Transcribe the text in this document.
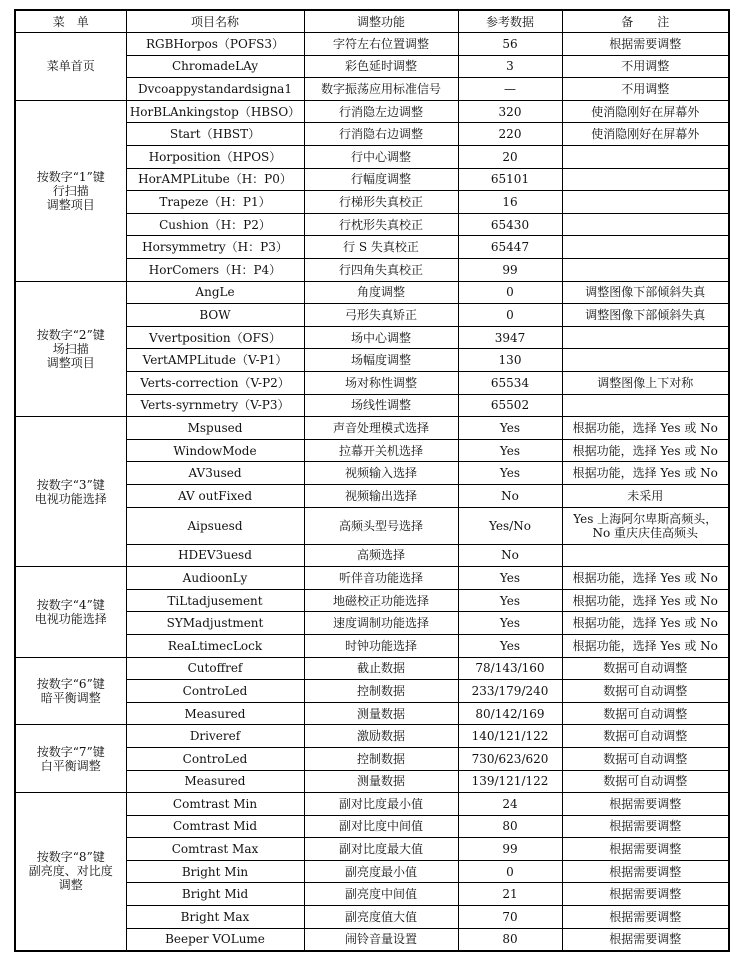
菜　单	项目名称	调整功能	参考数据	备　　注
菜单首页	RGBHorpos（POFS3）	字符左右位置调整	56	根据需要调整
	ChromadeLAy	彩色延时调整	3	不用调整
	Dvcoappystandardsigna1	数字振荡应用标准信号	—	不用调整
按数字“1”键
行扫描
调整项目	HorBLAnkingstop（HBSO）	行消隐左边调整	320	使消隐刚好在屏幕外
	Start（HBST）	行消隐右边调整	220	使消隐刚好在屏幕外
	Horposition（HPOS）	行中心调整	20	
	HorAMPLitube（H：P0）	行幅度调整	65101	
	Trapeze（H：P1）	行梯形失真校正	16	
	Cushion（H：P2）	行枕形失真校正	65430	
	Horsymmetry（H：P3）	行 S 失真校正	65447	
	HorComers（H：P4）	行四角失真校正	99	
按数字“2”键
场扫描
调整项目	AngLe	角度调整	0	调整图像下部倾斜失真
	BOW	弓形失真矫正	0	调整图像下部倾斜失真
	Vvertposition（OFS）	场中心调整	3947	
	VertAMPLitude（V-P1）	场幅度调整	130	
	Verts-correction（V-P2）	场对称性调整	65534	调整图像上下对称
	Verts-syrnmetry（V-P3）	场线性调整	65502	
按数字“3”键
电视功能选择	Mspused	声音处理模式选择	Yes	根据功能，选择 Yes 或 No
	WindowMode	拉幕开关机选择	Yes	根据功能，选择 Yes 或 No
	AV3used	视频输入选择	Yes	根据功能，选择 Yes 或 No
	AV outFixed	视频输出选择	No	未采用
	Aipsuesd	高频头型号选择	Yes/No	Yes 上海阿尔卑斯高频头，
No 重庆庆佳高频头
	HDEV3uesd	高频选择	No	
按数字“4”键
电视功能选择	AudioonLy	听伴音功能选择	Yes	根据功能，选择 Yes 或 No
	TiLtadjusement	地磁校正功能选择	Yes	根据功能，选择 Yes 或 No
	SYMadjustment	速度调制功能选择	Yes	根据功能，选择 Yes 或 No
	ReaLtimecLock	时钟功能选择	Yes	根据功能，选择 Yes 或 No
按数字“6”键
暗平衡调整	Cutoffref	截止数据	78/143/160	数据可自动调整
	ControLed	控制数据	233/179/240	数据可自动调整
	Measured	测量数据	80/142/169	数据可自动调整
按数字“7”键
白平衡调整	Driveref	激励数据	140/121/122	数据可自动调整
	ControLed	控制数据	730/623/620	数据可自动调整
	Measured	测量数据	139/121/122	数据可自动调整
按数字“8”键
副亮度、对比度
调整	Comtrast Min	副对比度最小值	24	根据需要调整
	Comtrast Mid	副对比度中间值	80	根据需要调整
	Comtrast Max	副对比度最大值	99	根据需要调整
	Bright Min	副亮度最小值	0	根据需要调整
	Bright Mid	副亮度中间值	21	根据需要调整
	Bright Max	副亮度值大值	70	根据需要调整
	Beeper VOLume	闹铃音量设置	80	根据需要调整
